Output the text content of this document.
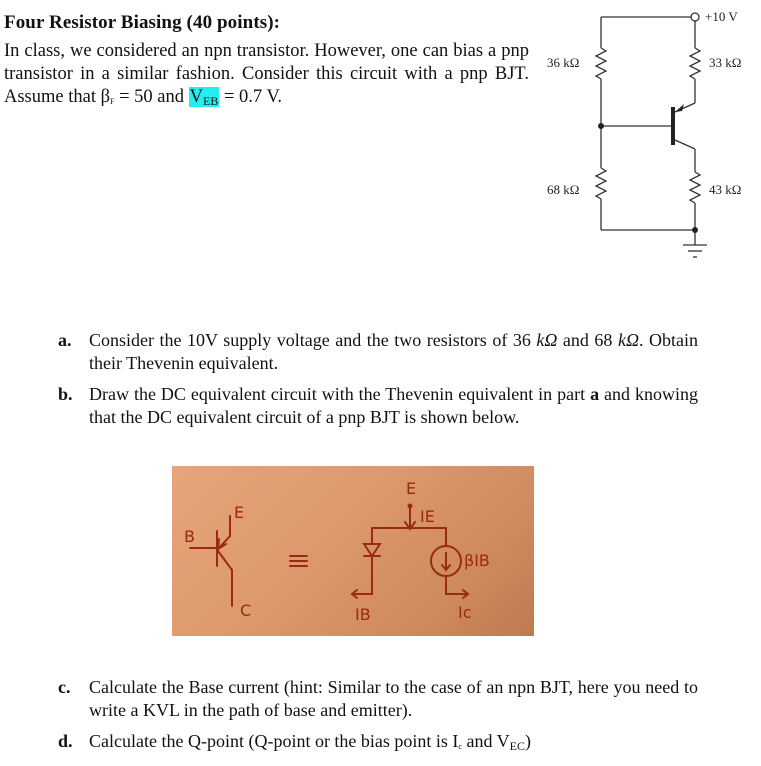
Four Resistor Biasing (40 points):
In class, we considered an npn transistor. However, one can bias a pnp transistor in a similar fashion. Consider this circuit with a pnp BJT. Assume that $\beta_F = 50$ and $V_{EB} = 0.7$ V.
+10 V
36 kΩ	33 kΩ
68 kΩ	43 kΩ
a. Consider the 10V supply voltage and the two resistors of 36 kΩ and 68 kΩ. Obtain their Thevenin equivalent.
b. Draw the DC equivalent circuit with the Thevenin equivalent in part a and knowing that the DC equivalent circuit of a pnp BJT is shown below.
E
B
C
E
IE
βIB
IB	Ic
c.	Calculate the Base current (hint: Similar to the case of an npn BJT, here you need to write a KVL in the path of base and emitter).
d. Calculate the Q-point (Q-point or the bias point is $I_c$ and $V_{EC}$)
